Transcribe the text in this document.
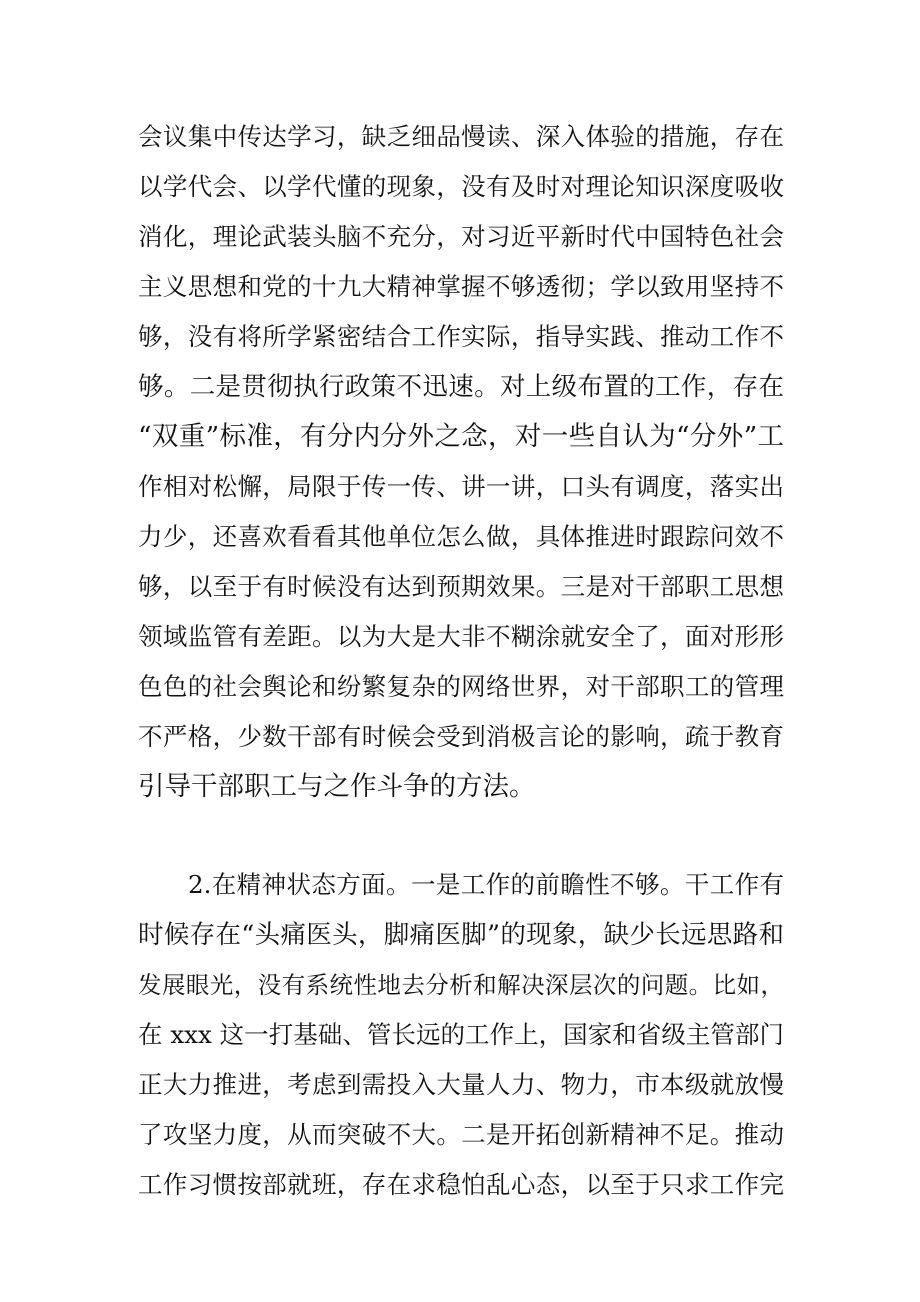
会议集中传达学习，缺乏细品慢读、深入体验的措施，存在
以学代会、以学代懂的现象，没有及时对理论知识深度吸收
消化，理论武装头脑不充分，对习近平新时代中国特色社会
主义思想和党的十九大精神掌握不够透彻；学以致用坚持不
够，没有将所学紧密结合工作实际，指导实践、推动工作不
够。二是贯彻执行政策不迅速。对上级布置的工作，存在
“双重”标准，有分内分外之念，对一些自认为“分外”工
作相对松懈，局限于传一传、讲一讲，口头有调度，落实出
力少，还喜欢看看其他单位怎么做，具体推进时跟踪问效不
够，以至于有时候没有达到预期效果。三是对干部职工思想
领域监管有差距。以为大是大非不糊涂就安全了，面对形形
色色的社会舆论和纷繁复杂的网络世界，对干部职工的管理
不严格，少数干部有时候会受到消极言论的影响，疏于教育
引导干部职工与之作斗争的方法。
2.在精神状态方面。一是工作的前瞻性不够。干工作有
时候存在“头痛医头，脚痛医脚”的现象，缺少长远思路和
发展眼光，没有系统性地去分析和解决深层次的问题。比如，
在 xxx 这一打基础、管长远的工作上，国家和省级主管部门
正大力推进，考虑到需投入大量人力、物力，市本级就放慢
了攻坚力度，从而突破不大。二是开拓创新精神不足。推动
工作习惯按部就班，存在求稳怕乱心态，以至于只求工作完
